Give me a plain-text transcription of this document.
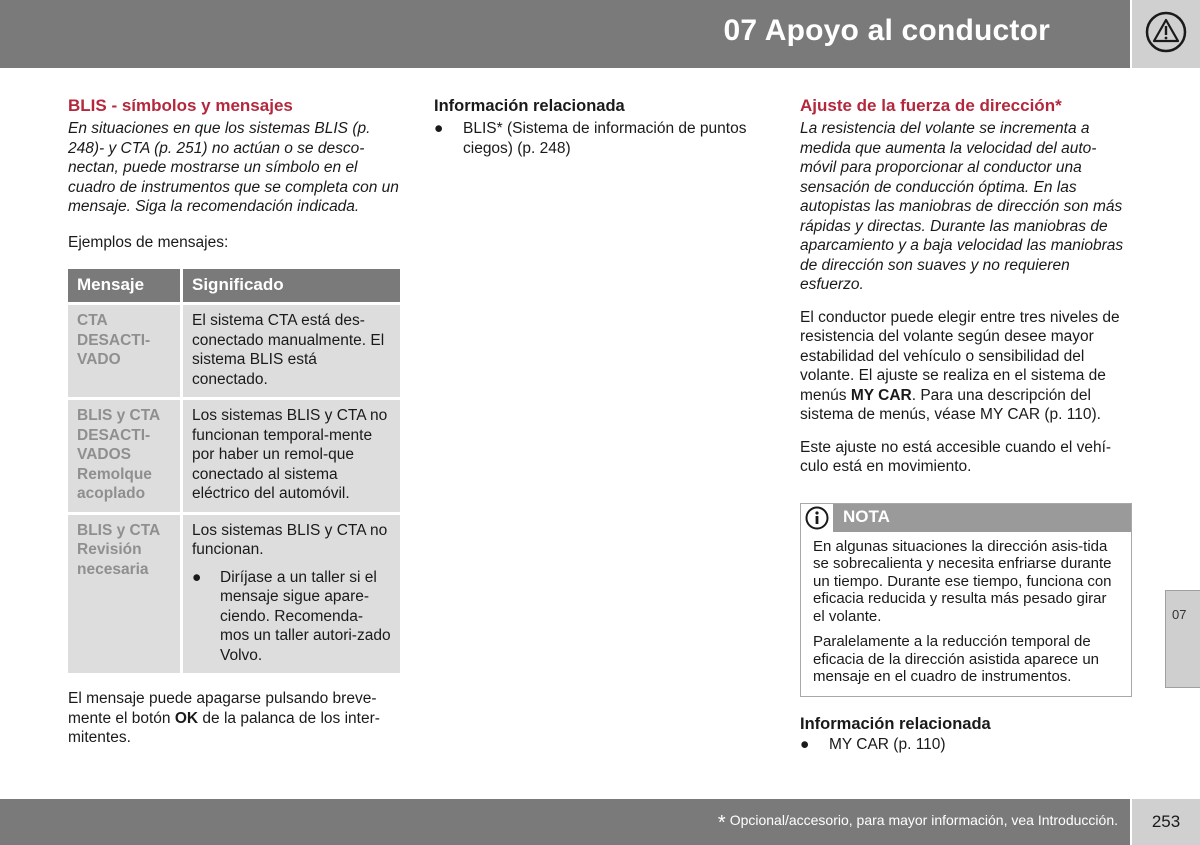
07 Apoyo al conductor
BLIS - símbolos y mensajes

En situaciones en que los sistemas BLIS (p. 248)- y CTA (p. 251) no actúan o se desco-nectan, puede mostrarse un símbolo en el cuadro de instrumentos que se completa con un mensaje. Siga la recomendación indicada.

Ejemplos de mensajes:

Mensaje	Significado
CTA DESACTI-VADO	El sistema CTA está des-conectado manualmente. El sistema BLIS está conectado.
BLIS y CTA DESACTI-VADOS Remolque acoplado	Los sistemas BLIS y CTA no funcionan temporal-mente por haber un remol-que conectado al sistema eléctrico del automóvil.
BLIS y CTA Revisión necesaria	Los sistemas BLIS y CTA no funcionan.
● Diríjase a un taller si el mensaje sigue apare-ciendo. Recomenda-mos un taller autori-zado Volvo.

El mensaje puede apagarse pulsando breve-mente el botón OK de la palanca de los inter-mitentes.

Información relacionada
●	BLIS* (Sistema de información de puntos ciegos) (p. 248)
Ajuste de la fuerza de dirección*

La resistencia del volante se incrementa a medida que aumenta la velocidad del auto-móvil para proporcionar al conductor una sensación de conducción óptima. En las autopistas las maniobras de dirección son más rápidas y directas. Durante las maniobras de aparcamiento y a baja velocidad las maniobras de dirección son suaves y no requieren esfuerzo.

El conductor puede elegir entre tres niveles de resistencia del volante según desee mayor estabilidad del vehículo o sensibilidad del volante. El ajuste se realiza en el sistema de menús MY CAR. Para una descripción del sistema de menús, véase MY CAR (p. 110).

Este ajuste no está accesible cuando el vehí-culo está en movimiento.

NOTA

En algunas situaciones la dirección asis-tida se sobrecalienta y necesita enfriarse durante un tiempo. Durante ese tiempo, funciona con eficacia reducida y resulta más pesado girar el volante.

Paralelamente a la reducción temporal de eficacia de la dirección asistida aparece un mensaje en el cuadro de instrumentos.

Información relacionada
●	MY CAR (p. 110)
07
* Opcional/accesorio, para mayor información, vea Introducción.	253
